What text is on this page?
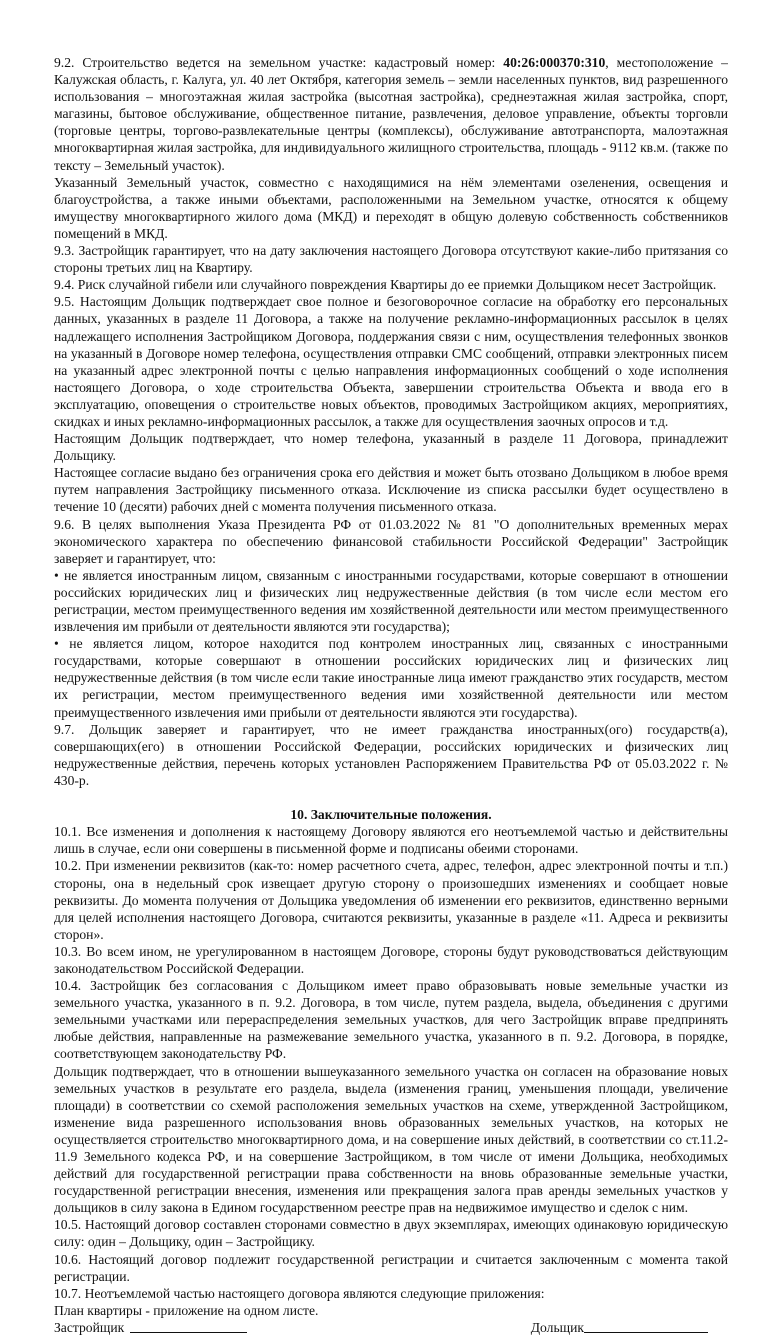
9.2. Строительство ведется на земельном участке: кадастровый номер: 40:26:000370:310, местоположение – Калужская область, г. Калуга, ул. 40 лет Октября, категория земель – земли населенных пунктов, вид разрешенного использования – многоэтажная жилая застройка (высотная застройка), среднеэтажная жилая застройка, спорт, магазины, бытовое обслуживание, общественное питание, развлечения, деловое управление, объекты торговли (торговые центры, торгово-развлекательные центры (комплексы), обслуживание автотранспорта, малоэтажная многоквартирная жилая застройка, для индивидуального жилищного строительства, площадь - 9112 кв.м. (также по тексту – Земельный участок).

Указанный Земельный участок, совместно с находящимися на нём элементами озеленения, освещения и благоустройства, а также иными объектами, расположенными на Земельном участке, относятся к общему имуществу многоквартирного жилого дома (МКД) и переходят в общую долевую собственность собственников помещений в МКД.

9.3. Застройщик гарантирует, что на дату заключения настоящего Договора отсутствуют какие-либо притязания со стороны третьих лиц на Квартиру.

9.4. Риск случайной гибели или случайного повреждения Квартиры до ее приемки Дольщиком несет Застройщик.

9.5. Настоящим Дольщик подтверждает свое полное и безоговорочное согласие на обработку его персональных данных, указанных в разделе 11 Договора, а также на получение рекламно-информационных рассылок в целях надлежащего исполнения Застройщиком Договора, поддержания связи с ним, осуществления телефонных звонков на указанный в Договоре номер телефона, осуществления отправки СМС сообщений, отправки электронных писем на указанный адрес электронной почты с целью направления информационных сообщений о ходе исполнения настоящего Договора, о ходе строительства Объекта, завершении строительства Объекта и ввода его в эксплуатацию, оповещения о строительстве новых объектов, проводимых Застройщиком акциях, мероприятиях, скидках и иных рекламно-информационных рассылок, а также для осуществления заочных опросов и т.д.

Настоящим Дольщик подтверждает, что номер телефона, указанный в разделе 11 Договора, принадлежит Дольщику.

Настоящее согласие выдано без ограничения срока его действия и может быть отозвано Дольщиком в любое время путем направления Застройщику письменного отказа. Исключение из списка рассылки будет осуществлено в течение 10 (десяти) рабочих дней с момента получения письменного отказа.

9.6. В целях выполнения Указа Президента РФ от 01.03.2022 № 81 "О дополнительных временных мерах экономического характера по обеспечению финансовой стабильности Российской Федерации" Застройщик заверяет и гарантирует, что:

• не является иностранным лицом, связанным с иностранными государствами, которые совершают в отношении российских юридических лиц и физических лиц недружественные действия (в том числе если местом его регистрации, местом преимущественного ведения им хозяйственной деятельности или местом преимущественного извлечения им прибыли от деятельности являются эти государства);

• не является лицом, которое находится под контролем иностранных лиц, связанных с иностранными государствами, которые совершают в отношении российских юридических лиц и физических лиц недружественные действия (в том числе если такие иностранные лица имеют гражданство этих государств, местом их регистрации, местом преимущественного ведения ими хозяйственной деятельности или местом преимущественного извлечения ими прибыли от деятельности являются эти государства).

9.7. Дольщик заверяет и гарантирует, что не имеет гражданства иностранных(ого) государств(а), совершающих(его) в отношении Российской Федерации, российских юридических и физических лиц недружественные действия, перечень которых установлен Распоряжением Правительства РФ от 05.03.2022 г. № 430-р.

10. Заключительные положения.

10.1. Все изменения и дополнения к настоящему Договору являются его неотъемлемой частью и действительны лишь в случае, если они совершены в письменной форме и подписаны обеими сторонами.

10.2. При изменении реквизитов (как-то: номер расчетного счета, адрес, телефон, адрес электронной почты и т.п.) стороны, она в недельный срок извещает другую сторону о произошедших изменениях и сообщает новые реквизиты. До момента получения от Дольщика уведомления об изменении его реквизитов, единственно верными для целей исполнения настоящего Договора, считаются реквизиты, указанные в разделе «11. Адреса и реквизиты сторон».

10.3. Во всем ином, не урегулированном в настоящем Договоре, стороны будут руководствоваться действующим законодательством Российской Федерации.

10.4. Застройщик без согласования с Дольщиком имеет право образовывать новые земельные участки из земельного участка, указанного в п. 9.2. Договора, в том числе, путем раздела, выдела, объединения с другими земельными участками или перераспределения земельных участков, для чего Застройщик вправе предпринять любые действия, направленные на размежевание земельного участка, указанного в п. 9.2. Договора, в порядке, соответствующем законодательству РФ.

Дольщик подтверждает, что в отношении вышеуказанного земельного участка он согласен на образование новых земельных участков в результате его раздела, выдела (изменения границ, уменьшения площади, увеличение площади) в соответствии со схемой расположения земельных участков на схеме, утвержденной Застройщиком, изменение вида разрешенного использования вновь образованных земельных участков, на которых не осуществляется строительство многоквартирного дома, и на совершение иных действий, в соответствии со ст.11.2-11.9 Земельного кодекса РФ, и на совершение Застройщиком, в том числе от имени Дольщика, необходимых действий для государственной регистрации права собственности на вновь образованные земельные участки, государственной регистрации внесения, изменения или прекращения залога прав аренды земельных участков у дольщиков в силу закона в Едином государственном реестре прав на недвижимое имущество и сделок с ним.

10.5. Настоящий договор составлен сторонами совместно в двух экземплярах, имеющих одинаковую юридическую силу: один – Дольщику, один – Застройщику.

10.6. Настоящий договор подлежит государственной регистрации и считается заключенным с момента такой регистрации.

10.7. Неотъемлемой частью настоящего договора являются следующие приложения:

План квартиры - приложение на одном листе.

Застройщик	Дольщик
